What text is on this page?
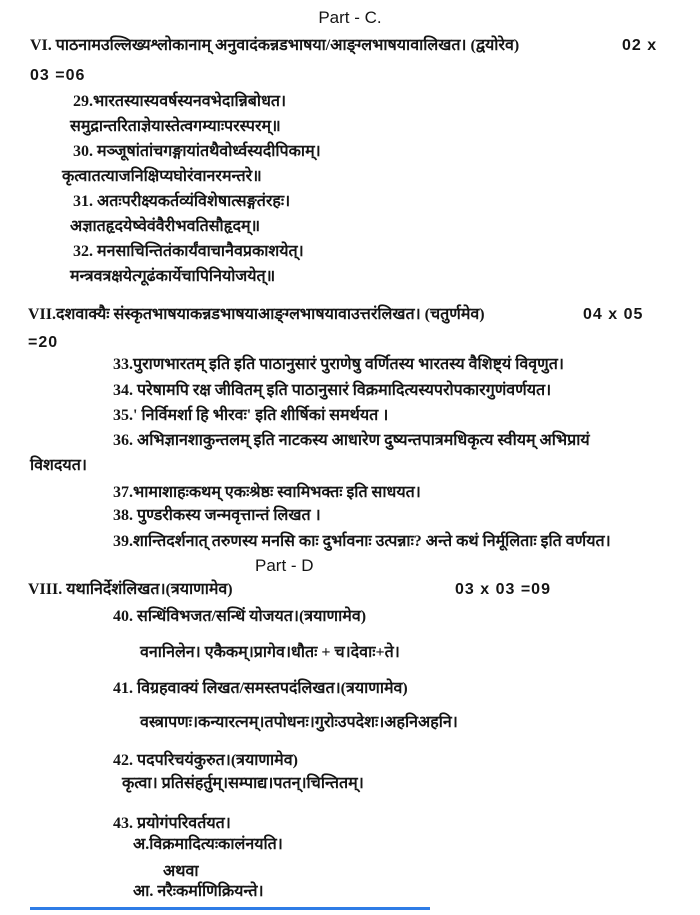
Part - C.
VI. पाठनामउल्लिख्यश्लोकानाम् अनुवादंकन्नडभाषया/आङ्ग्लभाषयावालिखत। (द्वयोरेव)	02 x
03 =06
29.भारतस्यास्यवर्षस्यनवभेदान्निबोधत।
समुद्रान्तरिताज्ञेयास्तेत्वगम्याःपरस्परम्॥
30. मञ्जूषांतांचगङ्गायांतथैवोर्ध्वस्यदीपिकाम्।
कृत्वातत्याजनिक्षिप्यघोरंवानरमन्तरे॥
31. अतःपरीक्ष्यकर्तव्यंविशेषात्सङ्गतंरहः।
अज्ञातहृदयेष्वेवंवैरीभवतिसौहृदम्॥
32. मनसाचिन्तितंकार्यंवाचानैवप्रकाशयेत्।
मन्त्रवत्रक्षयेत्गूढंकार्येचापिनियोजयेत्॥
VII.दशवाक्यैः संस्कृतभाषयाकन्नडभाषयाआङ्ग्लभाषयावाउत्तरंलिखत। (चतुर्णमेव)	04 x 05
=20
33.पुराणभारतम् इति इति पाठानुसारं पुराणेषु वर्णितस्य भारतस्य वैशिष्ट्यं विवृणुत।
34. परेषामपि रक्ष जीवितम् इति पाठानुसारं विक्रमादित्यस्यपरोपकारगुणंवर्णयत।
35.' निर्विमर्शा हि भीरवः' इति शीर्षिकां समर्थयत ।
36. अभिज्ञानशाकुन्तलम् इति नाटकस्य आधारेण दुष्यन्तपात्रमधिकृत्य स्वीयम् अभिप्रायं
विशदयत।
37.भामाशाहःकथम् एकःश्रेष्ठः स्वामिभक्तः इति साधयत।
38. पुण्डरीकस्य जन्मवृत्तान्तं लिखत ।
39.शान्तिदर्शनात् तरुणस्य मनसि काः दुर्भावनाः उत्पन्नाः? अन्ते कथं निर्मूलिताः इति वर्णयत।
Part - D
VIII. यथानिर्देशंलिखत।(त्रयाणामेव)	03 x 03 =09
40. सन्धिंविभजत/सन्धिं योजयत।(त्रयाणामेव)
वनानिलेन। एकैकम्।प्रागेव।धौतः + च।देवाः+ते।
41. विग्रहवाक्यं लिखत/समस्तपदंलिखत।(त्रयाणामेव)
वस्त्रापणः।कन्यारत्नम्।तपोधनः।गुरोःउपदेशः।अहनिअहनि।
42. पदपरिचयंकुरुत।(त्रयाणामेव)
कृत्वा। प्रतिसंहर्तुम्।सम्पाद्य।पतन्।चिन्तितम्।
43. प्रयोगंपरिवर्तयत।
अ.विक्रमादित्यःकालंनयति।
अथवा
आ. नरैःकर्माणिक्रियन्ते।
